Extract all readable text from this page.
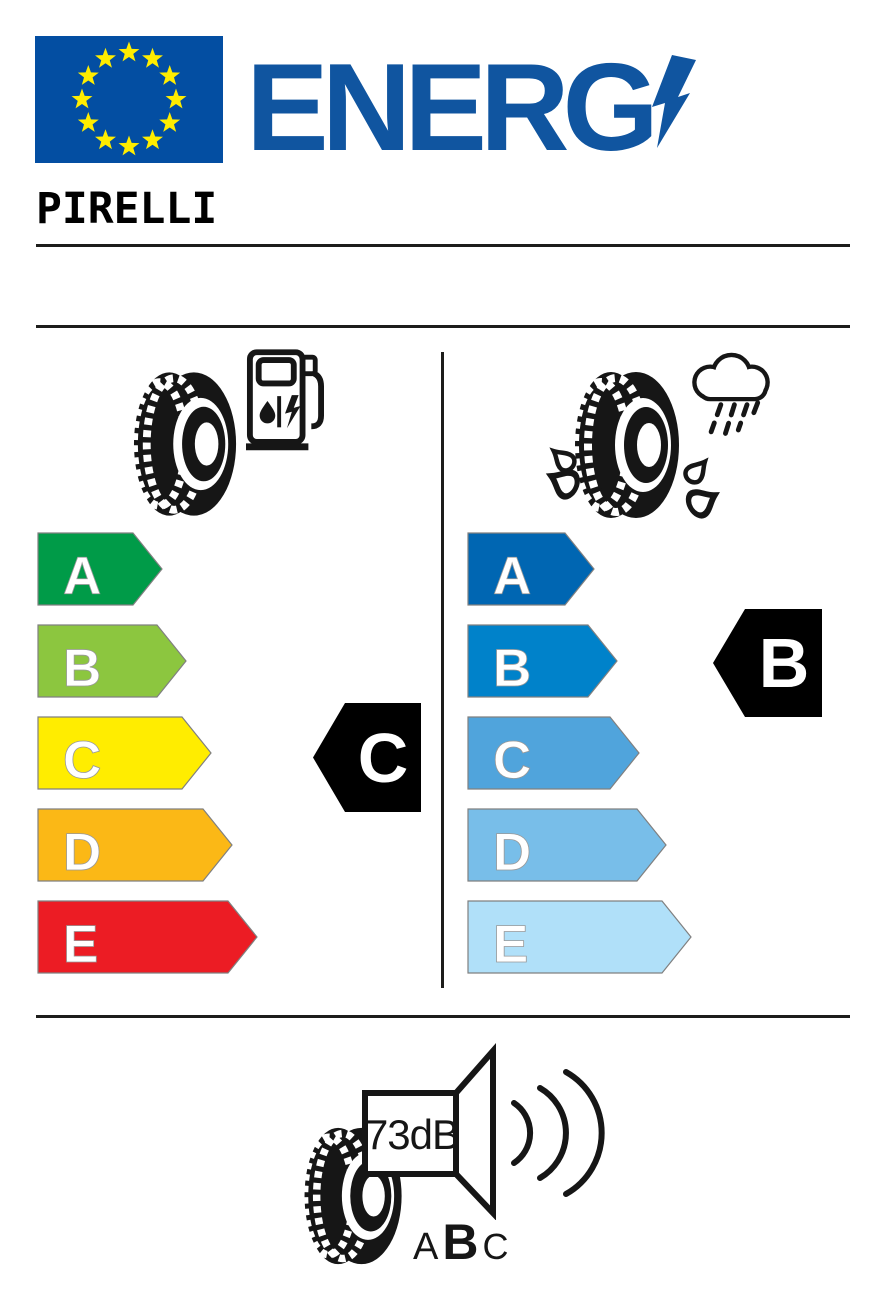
ENERG
PIRELLI
A
B
C
D
E
C
A
B
C
D
E
B
73dB
A B C
